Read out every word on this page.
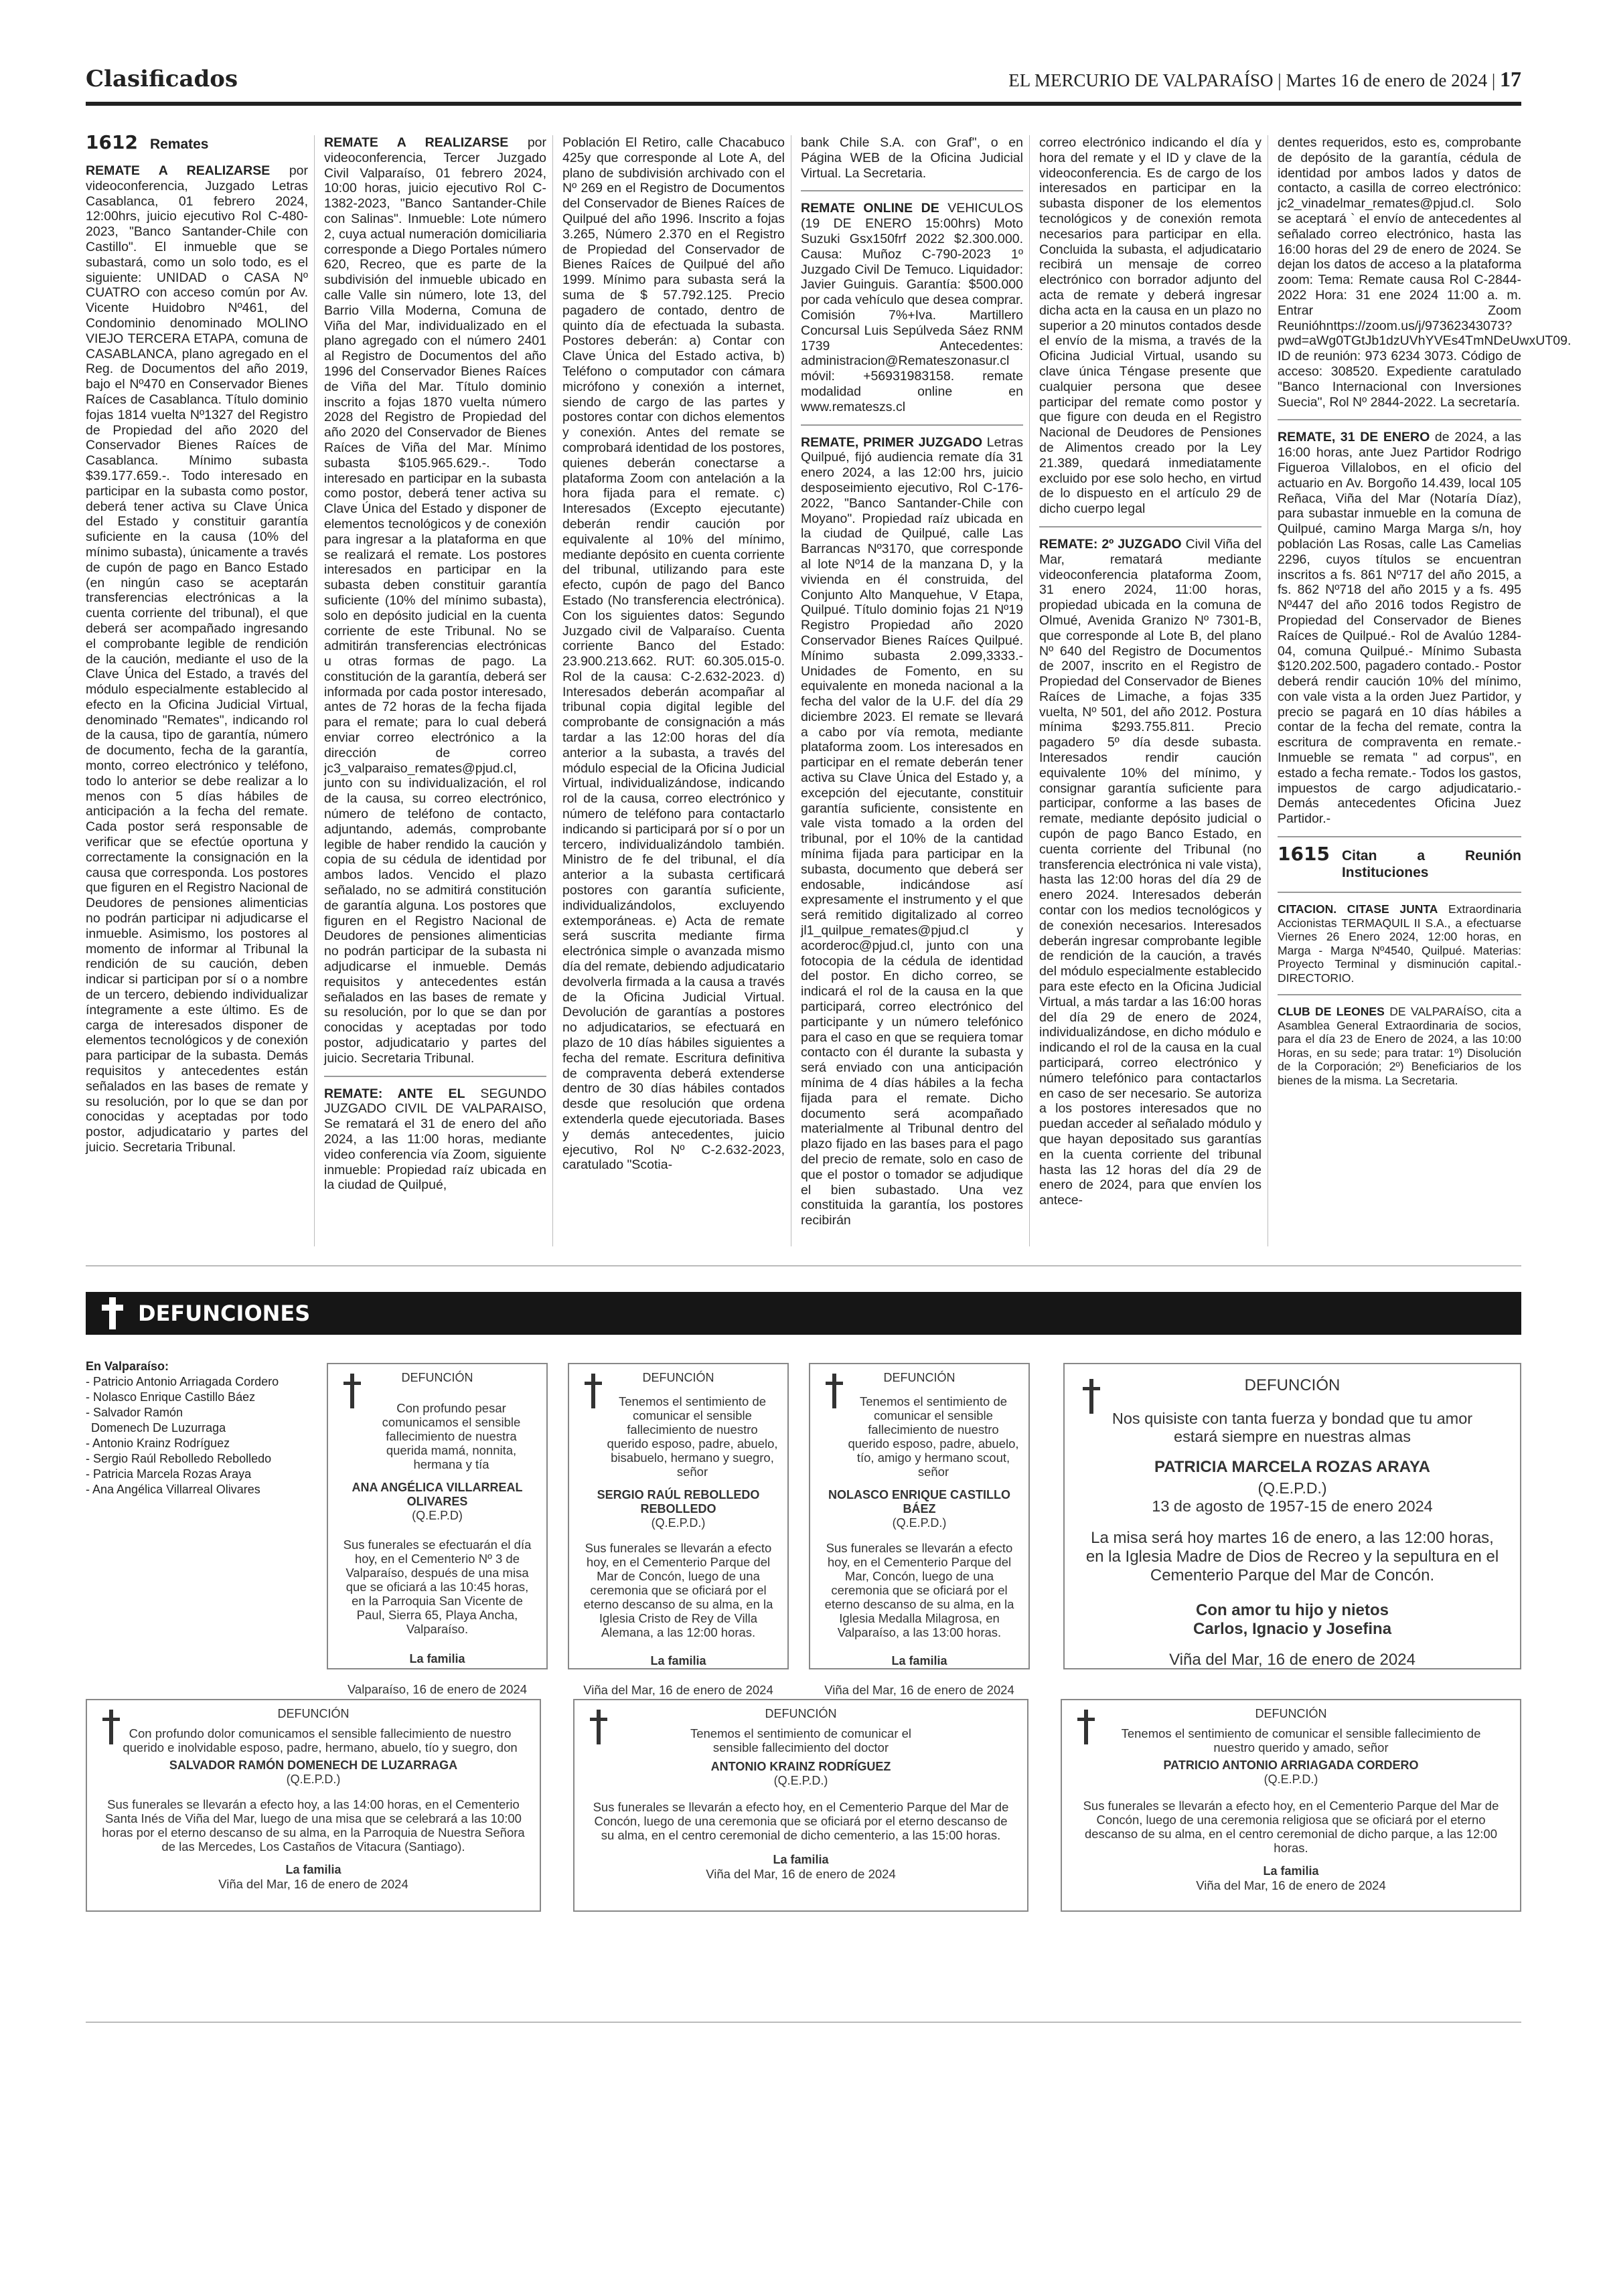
Clasificados	EL MERCURIO DE VALPARAÍSO | Martes 16 de enero de 2024 | 17
1612 Remates

REMATE A REALIZARSE por videoconferencia, Juzgado Letras Casablanca, 01 febrero 2024, 12:00hrs, juicio ejecutivo Rol C-480-2023, "Banco Santander-Chile con Castillo". El inmueble que se subastará, como un solo todo, es el siguiente: UNIDAD o CASA Nº CUATRO con acceso común por Av. Vicente Huidobro Nº461, del Condominio denominado MOLINO VIEJO TERCERA ETAPA, comuna de CASABLANCA, plano agregado en el Reg. de Documentos del año 2019, bajo el Nº470 en Conservador Bienes Raíces de Casablanca. Título dominio fojas 1814 vuelta Nº1327 del Registro de Propiedad del año 2020 del Conservador Bienes Raíces de Casablanca. Mínimo subasta $39.177.659.-. Todo interesado en participar en la subasta como postor, deberá tener activa su Clave Única del Estado y constituir garantía suficiente en la causa (10% del mínimo subasta), únicamente a través de cupón de pago en Banco Estado (en ningún caso se aceptarán transferencias electrónicas a la cuenta corriente del tribunal), el que deberá ser acompañado ingresando el comprobante legible de rendición de la caución, mediante el uso de la Clave Única del Estado, a través del módulo especialmente establecido al efecto en la Oficina Judicial Virtual, denominado "Remates", indicando rol de la causa, tipo de garantía, número de documento, fecha de la garantía, monto, correo electrónico y teléfono, todo lo anterior se debe realizar a lo menos con 5 días hábiles de anticipación a la fecha del remate. Cada postor será responsable de verificar que se efectúe oportuna y correctamente la consignación en la causa que corresponda. Los postores que figuren en el Registro Nacional de Deudores de pensiones alimenticias no podrán participar ni adjudicarse el inmueble. Asimismo, los postores al momento de informar al Tribunal la rendición de su caución, deben indicar si participan por sí o a nombre de un tercero, debiendo individualizar íntegramente a este último. Es de carga de interesados disponer de elementos tecnológicos y de conexión para participar de la subasta. Demás requisitos y antecedentes están señalados en las bases de remate y su resolución, por lo que se dan por conocidas y aceptadas por todo postor, adjudicatario y partes del juicio. Secretaria Tribunal.

REMATE A REALIZARSE por videoconferencia, Tercer Juzgado Civil Valparaíso, 01 febrero 2024, 10:00 horas, juicio ejecutivo Rol C-1382-2023, "Banco Santander-Chile con Salinas". Inmueble: Lote número 2, cuya actual numeración domiciliaria corresponde a Diego Portales número 620, Recreo, que es parte de la subdivisión del inmueble ubicado en calle Valle sin número, lote 13, del Barrio Villa Moderna, Comuna de Viña del Mar, individualizado en el plano agregado con el número 2401 al Registro de Documentos del año 1996 del Conservador Bienes Raíces de Viña del Mar. Título dominio inscrito a fojas 1870 vuelta número 2028 del Registro de Propiedad del año 2020 del Conservador de Bienes Raíces de Viña del Mar. Mínimo subasta $105.965.629.-. Todo interesado en participar en la subasta como postor, deberá tener activa su Clave Única del Estado y disponer de elementos tecnológicos y de conexión para ingresar a la plataforma en que se realizará el remate. Los postores interesados en participar en la subasta deben constituir garantía suficiente (10% del mínimo subasta), solo en depósito judicial en la cuenta corriente de este Tribunal. No se admitirán transferencias electrónicas u otras formas de pago. La constitución de la garantía, deberá ser informada por cada postor interesado, antes de 72 horas de la fecha fijada para el remate; para lo cual deberá enviar correo electrónico a la dirección de correo jc3_valparaiso_remates@pjud.cl, junto con su individualización, el rol de la causa, su correo electrónico, número de teléfono de contacto, adjuntando, además, comprobante legible de haber rendido la caución y copia de su cédula de identidad por ambos lados. Vencido el plazo señalado, no se admitirá constitución de garantía alguna. Los postores que figuren en el Registro Nacional de Deudores de pensiones alimenticias no podrán participar de la subasta ni adjudicarse el inmueble. Demás requisitos y antecedentes están señalados en las bases de remate y su resolución, por lo que se dan por conocidas y aceptadas por todo postor, adjudicatario y partes del juicio. Secretaria Tribunal.

REMATE: ANTE EL SEGUNDO JUZGADO CIVIL DE VALPARAISO, Se rematará el 31 de enero del año 2024, a las 11:00 horas, mediante video conferencia vía Zoom, siguiente inmueble: Propiedad raíz ubicada en la ciudad de Quilpué,

Población El Retiro, calle Chacabuco 425y que corresponde al Lote A, del plano de subdivisión archivado con el Nº 269 en el Registro de Documentos del Conservador de Bienes Raíces de Quilpué del año 1996. Inscrito a fojas 3.265, Número 2.370 en el Registro de Propiedad del Conservador de Bienes Raíces de Quilpué del año 1999. Mínimo para subasta será la suma de $ 57.792.125. Precio pagadero de contado, dentro de quinto día de efectuada la subasta. Postores deberán: a) Contar con Clave Única del Estado activa, b) Teléfono o computador con cámara micrófono y conexión a internet, siendo de cargo de las partes y postores contar con dichos elementos y conexión. Antes del remate se comprobará identidad de los postores, quienes deberán conectarse a plataforma Zoom con antelación a la hora fijada para el remate. c) Interesados (Excepto ejecutante) deberán rendir caución por equivalente al 10% del mínimo, mediante depósito en cuenta corriente del tribunal, utilizando para este efecto, cupón de pago del Banco Estado (No transferencia electrónica). Con los siguientes datos: Segundo Juzgado civil de Valparaíso. Cuenta corriente Banco del Estado: 23.900.213.662. RUT: 60.305.015-0. Rol de la causa: C-2.632-2023. d) Interesados deberán acompañar al tribunal copia digital legible del comprobante de consignación a más tardar a las 12:00 horas del día anterior a la subasta, a través del módulo especial de la Oficina Judicial Virtual, individualizándose, indicando rol de la causa, correo electrónico y número de teléfono para contactarlo indicando si participará por sí o por un tercero, individualizándolo también. Ministro de fe del tribunal, el día anterior a la subasta certificará postores con garantía suficiente, individualizándolos, excluyendo extemporáneas. e) Acta de remate será suscrita mediante firma electrónica simple o avanzada mismo día del remate, debiendo adjudicatario devolverla firmada a la causa a través de la Oficina Judicial Virtual. Devolución de garantías a postores no adjudicatarios, se efectuará en plazo de 10 días hábiles siguientes a fecha del remate. Escritura definitiva de compraventa deberá extenderse dentro de 30 días hábiles contados desde que resolución que ordena extenderla quede ejecutoriada. Bases y demás antecedentes, juicio ejecutivo, Rol Nº C-2.632-2023, caratulado "Scotia-

bank Chile S.A. con Graf", o en Página WEB de la Oficina Judicial Virtual. La Secretaria.

REMATE ONLINE DE VEHICULOS (19 DE ENERO 15:00hrs) Moto Suzuki Gsx150frf 2022 $2.300.000. Causa: Muñoz C-790-2023 1º Juzgado Civil De Temuco. Liquidador: Javier Guinguis. Garantía: $500.000 por cada vehículo que desea comprar. Comisión 7%+Iva. Martillero Concursal Luis Sepúlveda Sáez RNM 1739 Antecedentes: administracion@Remateszonasur.cl móvil: +56931983158. remate modalidad online en www.remateszs.cl

REMATE, PRIMER JUZGADO Letras Quilpué, fijó audiencia remate día 31 enero 2024, a las 12:00 hrs, juicio desposeimiento ejecutivo, Rol C-176-2022, "Banco Santander-Chile con Moyano". Propiedad raíz ubicada en la ciudad de Quilpué, calle Las Barrancas Nº3170, que corresponde al lote Nº14 de la manzana D, y la vivienda en él construida, del Conjunto Alto Manquehue, V Etapa, Quilpué. Título dominio fojas 21 Nº19 Registro Propiedad año 2020 Conservador Bienes Raíces Quilpué. Mínimo subasta 2.099,3333.- Unidades de Fomento, en su equivalente en moneda nacional a la fecha del valor de la U.F. del día 29 diciembre 2023. El remate se llevará a cabo por vía remota, mediante plataforma zoom. Los interesados en participar en el remate deberán tener activa su Clave Única del Estado y, a excepción del ejecutante, constituir garantía suficiente, consistente en vale vista tomado a la orden del tribunal, por el 10% de la cantidad mínima fijada para participar en la subasta, documento que deberá ser endosable, indicándose así expresamente el instrumento y el que será remitido digitalizado al correo jl1_quilpue_remates@pjud.cl y acorderoc@pjud.cl, junto con una fotocopia de la cédula de identidad del postor. En dicho correo, se indicará el rol de la causa en la que participará, correo electrónico del participante y un número telefónico para el caso en que se requiera tomar contacto con él durante la subasta y será enviado con una anticipación mínima de 4 días hábiles a la fecha fijada para el remate. Dicho documento será acompañado materialmente al Tribunal dentro del plazo fijado en las bases para el pago del precio de remate, solo en caso de que el postor o tomador se adjudique el bien subastado. Una vez constituida la garantía, los postores recibirán

correo electrónico indicando el día y hora del remate y el ID y clave de la videoconferencia. Es de cargo de los interesados en participar en la subasta disponer de los elementos tecnológicos y de conexión remota necesarios para participar en ella. Concluida la subasta, el adjudicatario recibirá un mensaje de correo electrónico con borrador adjunto del acta de remate y deberá ingresar dicha acta en la causa en un plazo no superior a 20 minutos contados desde el envío de la misma, a través de la Oficina Judicial Virtual, usando su clave única Téngase presente que cualquier persona que desee participar del remate como postor y que figure con deuda en el Registro Nacional de Deudores de Pensiones de Alimentos creado por la Ley 21.389, quedará inmediatamente excluido por ese solo hecho, en virtud de lo dispuesto en el artículo 29 de dicho cuerpo legal

REMATE: 2º JUZGADO Civil Viña del Mar, rematará mediante videoconferencia plataforma Zoom, 31 enero 2024, 11:00 horas, propiedad ubicada en la comuna de Olmué, Avenida Granizo Nº 7301-B, que corresponde al Lote B, del plano Nº 640 del Registro de Documentos de 2007, inscrito en el Registro de Propiedad del Conservador de Bienes Raíces de Limache, a fojas 335 vuelta, Nº 501, del año 2012. Postura mínima $293.755.811. Precio pagadero 5º día desde subasta. Interesados rendir caución equivalente 10% del mínimo, y consignar garantía suficiente para participar, conforme a las bases de remate, mediante depósito judicial o cupón de pago Banco Estado, en cuenta corriente del Tribunal (no transferencia electrónica ni vale vista), hasta las 12:00 horas del día 29 de enero 2024. Interesados deberán contar con los medios tecnológicos y de conexión necesarios. Interesados deberán ingresar comprobante legible de rendición de la caución, a través del módulo especialmente establecido para este efecto en la Oficina Judicial Virtual, a más tardar a las 16:00 horas del día 29 de enero de 2024, individualizándose, en dicho módulo e indicando el rol de la causa en la cual participará, correo electrónico y número telefónico para contactarlos en caso de ser necesario. Se autoriza a los postores interesados que no puedan acceder al señalado módulo y que hayan depositado sus garantías en la cuenta corriente del tribunal hasta las 12 horas del día 29 de enero de 2024, para que envíen los antece-

dentes requeridos, esto es, comprobante de depósito de la garantía, cédula de identidad por ambos lados y datos de contacto, a casilla de correo electrónico: jc2_vinadelmar_remates@pjud.cl. Solo se aceptará ` el envío de antecedentes al señalado correo electrónico, hasta las 16:00 horas del 29 de enero de 2024. Se dejan los datos de acceso a la plataforma zoom: Tema: Remate causa Rol C-2844-2022 Hora: 31 ene 2024 11:00 a. m. Entrar Zoom Reunióhnttps://zoom.us/j/97362343073? pwd=aWg0TGtJb1dzUVhYVEs4TmNDeUwxUT09. ID de reunión: 973 6234 3073. Código de acceso: 308520. Expediente caratulado "Banco Internacional con Inversiones Suecia", Rol Nº 2844-2022. La secretaría.

REMATE, 31 DE ENERO de 2024, a las 16:00 horas, ante Juez Partidor Rodrigo Figueroa Villalobos, en el oficio del actuario en Av. Borgoño 14.439, local 105 Reñaca, Viña del Mar (Notaría Díaz), para subastar inmueble en la comuna de Quilpué, camino Marga Marga s/n, hoy población Las Rosas, calle Las Camelias 2296, cuyos títulos se encuentran inscritos a fs. 861 Nº717 del año 2015, a fs. 862 Nº718 del año 2015 y a fs. 495 Nº447 del año 2016 todos Registro de Propiedad del Conservador de Bienes Raíces de Quilpué.- Rol de Avalúo 1284-04, comuna Quilpué.- Mínimo Subasta $120.202.500, pagadero contado.- Postor deberá rendir caución 10% del mínimo, con vale vista a la orden Juez Partidor, y precio se pagará en 10 días hábiles a contar de la fecha del remate, contra la escritura de compraventa en remate.- Inmueble se remata " ad corpus", en estado a fecha remate.- Todos los gastos, impuestos de cargo adjudicatario.- Demás antecedentes Oficina Juez Partidor.-

1615 Citan a Reunión Instituciones

CITACION. CITASE JUNTA Extraordinaria Accionistas TERMAQUIL II S.A., a efectuarse Viernes 26 Enero 2024, 12:00 horas, en Marga - Marga Nº4540, Quilpué. Materias: Proyecto Terminal y disminución capital.- DIRECTORIO.

CLUB DE LEONES DE VALPARAÍSO, cita a Asamblea General Extraordinaria de socios, para el día 23 de Enero de 2024, a las 10:00 Horas, en su sede; para tratar: 1º) Disolución de la Corporación; 2º) Beneficiarios de los bienes de la misma. La Secretaria.

DEFUNCIONES
En Valparaíso:
- Patricio Antonio Arriagada Cordero
- Nolasco Enrique Castillo Báez
- Salvador Ramón
Domenech De Luzurraga
- Antonio Krainz Rodríguez
- Sergio Raúl Rebolledo Rebolledo
- Patricia Marcela Rozas Araya
- Ana Angélica Villarreal Olivares
DEFUNCIÓN
Con profundo pesar comunicamos el sensible fallecimiento de nuestra querida mamá, nonnita, hermana y tía
ANA ANGÉLICA VILLARREAL OLIVARES
(Q.E.P.D)
Sus funerales se efectuarán el día hoy, en el Cementerio Nº 3 de Valparaíso, después de una misa que se oficiará a las 10:45 horas, en la Parroquia San Vicente de Paul, Sierra 65, Playa Ancha, Valparaíso.
La familia
Valparaíso, 16 de enero de 2024
DEFUNCIÓN
Tenemos el sentimiento de comunicar el sensible fallecimiento de nuestro querido esposo, padre, abuelo, bisabuelo, hermano y suegro, señor
SERGIO RAÚL REBOLLEDO REBOLLEDO
(Q.E.P.D.)
Sus funerales se llevarán a efecto hoy, en el Cementerio Parque del Mar de Concón, luego de una ceremonia que se oficiará por el eterno descanso de su alma, en la Iglesia Cristo de Rey de Villa Alemana, a las 12:00 horas.
La familia
Viña del Mar, 16 de enero de 2024
DEFUNCIÓN
Tenemos el sentimiento de comunicar el sensible fallecimiento de nuestro querido esposo, padre, abuelo, tío, amigo y hermano scout, señor
NOLASCO ENRIQUE CASTILLO BÁEZ
(Q.E.P.D.)
Sus funerales se llevarán a efecto hoy, en el Cementerio Parque del Mar, Concón, luego de una ceremonia que se oficiará por el eterno descanso de su alma, en la Iglesia Medalla Milagrosa, en Valparaíso, a las 13:00 horas.
La familia
Viña del Mar, 16 de enero de 2024
DEFUNCIÓN
Nos quisiste con tanta fuerza y bondad que tu amor estará siempre en nuestras almas
PATRICIA MARCELA ROZAS ARAYA
(Q.E.P.D.)
13 de agosto de 1957-15 de enero 2024
La misa será hoy martes 16 de enero, a las 12:00 horas, en la Iglesia Madre de Dios de Recreo y la sepultura en el Cementerio Parque del Mar de Concón.
Con amor tu hijo y nietos
Carlos, Ignacio y Josefina
Viña del Mar, 16 de enero de 2024
DEFUNCIÓN
Con profundo dolor comunicamos el sensible fallecimiento de nuestro querido e inolvidable esposo, padre, hermano, abuelo, tío y suegro, don
SALVADOR RAMÓN DOMENECH DE LUZARRAGA
(Q.E.P.D.)
Sus funerales se llevarán a efecto hoy, a las 14:00 horas, en el Cementerio Santa Inés de Viña del Mar, luego de una misa que se celebrará a las 10:00 horas por el eterno descanso de su alma, en la Parroquia de Nuestra Señora de las Mercedes, Los Castaños de Vitacura (Santiago).
La familia
Viña del Mar, 16 de enero de 2024
DEFUNCIÓN
Tenemos el sentimiento de comunicar el sensible fallecimiento del doctor
ANTONIO KRAINZ RODRÍGUEZ
(Q.E.P.D.)
Sus funerales se llevarán a efecto hoy, en el Cementerio Parque del Mar de Concón, luego de una ceremonia que se oficiará por el eterno descanso de su alma, en el centro ceremonial de dicho cementerio, a las 15:00 horas.
La familia
Viña del Mar, 16 de enero de 2024
DEFUNCIÓN
Tenemos el sentimiento de comunicar el sensible fallecimiento de nuestro querido y amado, señor
PATRICIO ANTONIO ARRIAGADA CORDERO
(Q.E.P.D.)
Sus funerales se llevarán a efecto hoy, en el Cementerio Parque del Mar de Concón, luego de una ceremonia religiosa que se oficiará por el eterno descanso de su alma, en el centro ceremonial de dicho parque, a las 12:00 horas.
La familia
Viña del Mar, 16 de enero de 2024
